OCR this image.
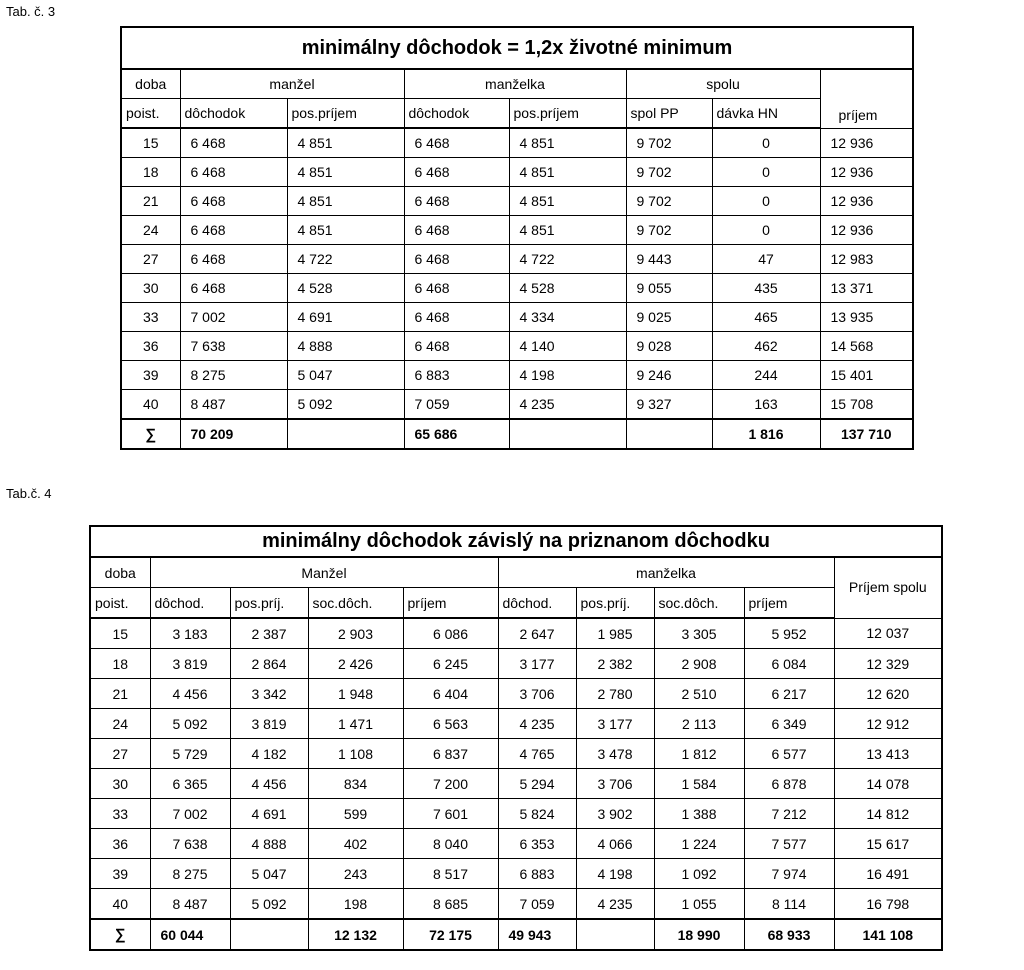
Tab. č. 3
minimálny dôchodok = 1,2x životné minimum							
doba	manžel		manželka		spolu		príjem
poist.	dôchodok	pos.príjem	dôchodok	pos.príjem	spol PP	dávka HN	
15	6 468	4 851	6 468	4 851	9 702	0	12 936
18	6 468	4 851	6 468	4 851	9 702	0	12 936
21	6 468	4 851	6 468	4 851	9 702	0	12 936
24	6 468	4 851	6 468	4 851	9 702	0	12 936
27	6 468	4 722	6 468	4 722	9 443	47	12 983
30	6 468	4 528	6 468	4 528	9 055	435	13 371
33	7 002	4 691	6 468	4 334	9 025	465	13 935
36	7 638	4 888	6 468	4 140	9 028	462	14 568
39	8 275	5 047	6 883	4 198	9 246	244	15 401
40	8 487	5 092	7 059	4 235	9 327	163	15 708
∑	70 209		65 686			1 816	137 710
Tab.č. 4
minimálny dôchodok závislý na priznanom dôchodku									
doba	Manžel				manželka				Príjem spolu
poist.	dôchod.	pos.príj.	soc.dôch.	príjem	dôchod.	pos.príj.	soc.dôch.	príjem	
15	3 183	2 387	2 903	6 086	2 647	1 985	3 305	5 952	12 037
18	3 819	2 864	2 426	6 245	3 177	2 382	2 908	6 084	12 329
21	4 456	3 342	1 948	6 404	3 706	2 780	2 510	6 217	12 620
24	5 092	3 819	1 471	6 563	4 235	3 177	2 113	6 349	12 912
27	5 729	4 182	1 108	6 837	4 765	3 478	1 812	6 577	13 413
30	6 365	4 456	834	7 200	5 294	3 706	1 584	6 878	14 078
33	7 002	4 691	599	7 601	5 824	3 902	1 388	7 212	14 812
36	7 638	4 888	402	8 040	6 353	4 066	1 224	7 577	15 617
39	8 275	5 047	243	8 517	6 883	4 198	1 092	7 974	16 491
40	8 487	5 092	198	8 685	7 059	4 235	1 055	8 114	16 798
∑	60 044		12 132	72 175	49 943		18 990	68 933	141 108
